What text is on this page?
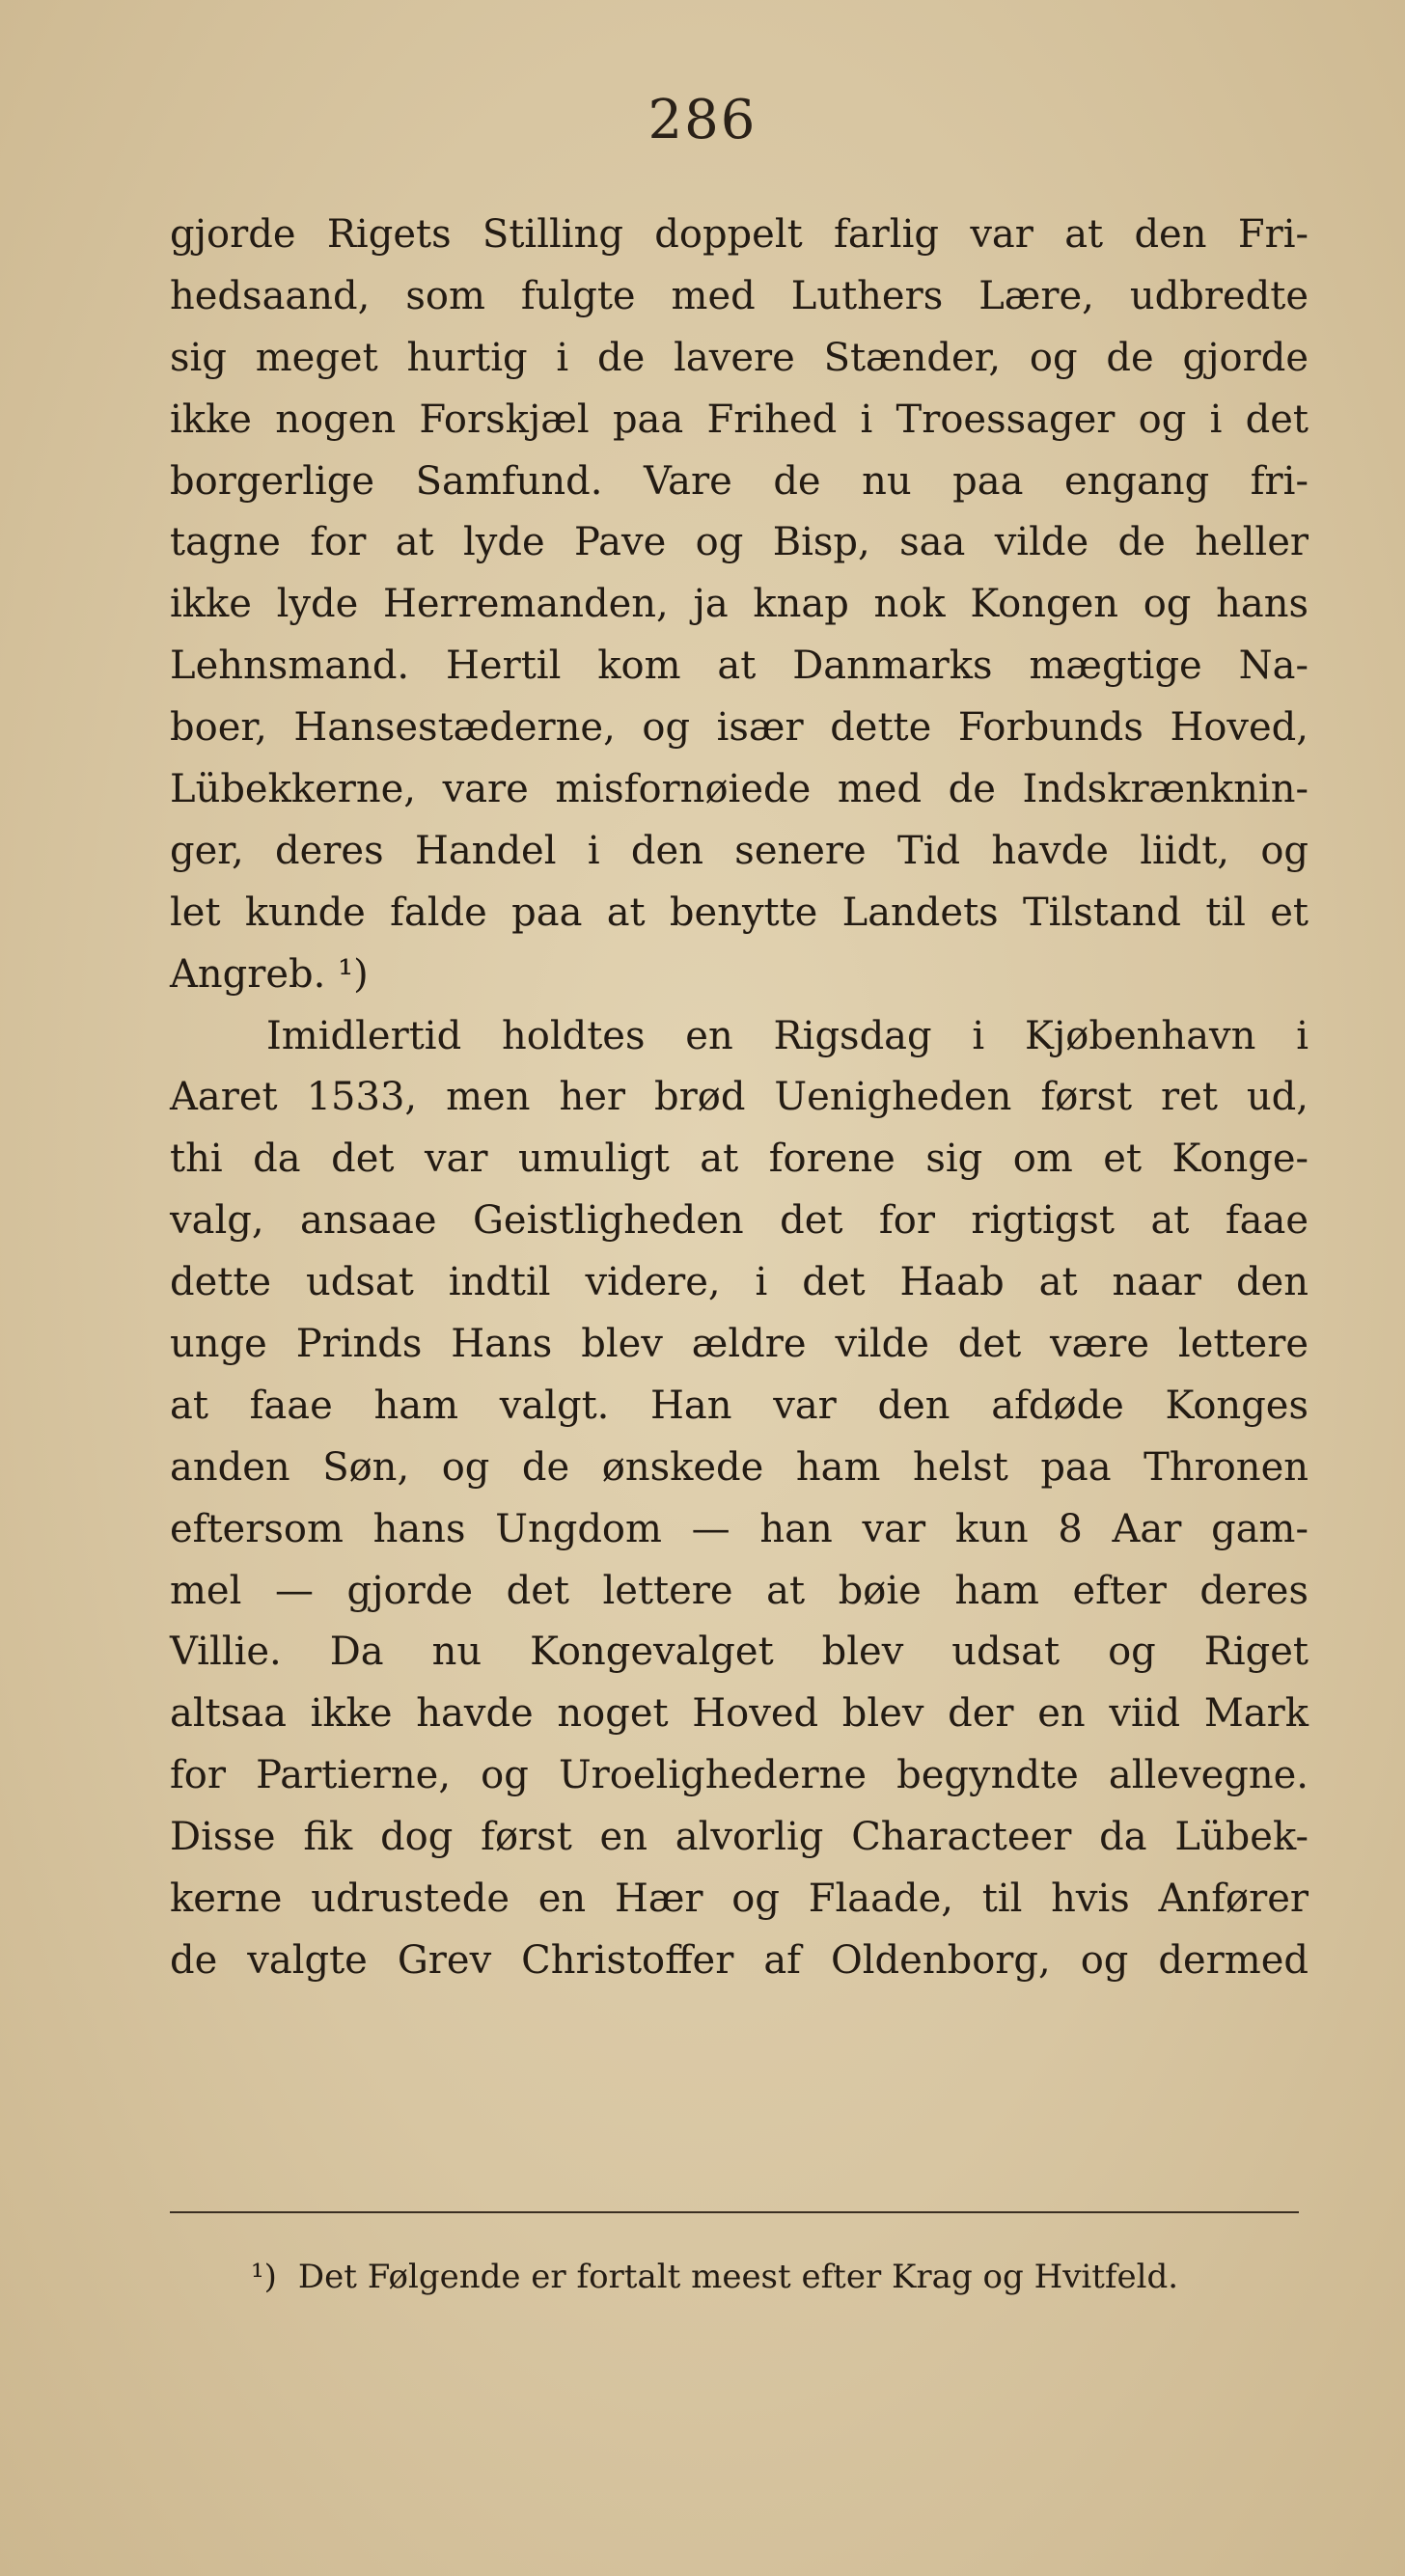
286
gjorde Rigets Stilling doppelt farlig var at den Fri-
hedsaand, som fulgte med Luthers Lære, udbredte
sig meget hurtig i de lavere Stænder, og de gjorde
ikke nogen Forskjæl paa Frihed i Troessager og i det
borgerlige Samfund. Vare de nu paa engang fri-
tagne for at lyde Pave og Bisp, saa vilde de heller
ikke lyde Herremanden, ja knap nok Kongen og hans
Lehnsmand. Hertil kom at Danmarks mægtige Na-
boer, Hansestæderne, og især dette Forbunds Hoved,
Lübekkerne, vare misfornøiede med de Indskrænknin-
ger, deres Handel i den senere Tid havde liidt, og
let kunde falde paa at benytte Landets Tilstand til et
Angreb. ¹)
Imidlertid holdtes en Rigsdag i Kjøbenhavn i
Aaret 1533, men her brød Uenigheden først ret ud,
thi da det var umuligt at forene sig om et Konge-
valg, ansaae Geistligheden det for rigtigst at faae
dette udsat indtil videre, i det Haab at naar den
unge Prinds Hans blev ældre vilde det være lettere
at faae ham valgt. Han var den afdøde Konges
anden Søn, og de ønskede ham helst paa Thronen
eftersom hans Ungdom — han var kun 8 Aar gam-
mel — gjorde det lettere at bøie ham efter deres
Villie. Da nu Kongevalget blev udsat og Riget
altsaa ikke havde noget Hoved blev der en viid Mark
for Partierne, og Uroelighederne begyndte allevegne.
Disse fik dog først en alvorlig Characteer da Lübek-
kerne udrustede en Hær og Flaade, til hvis Anfører
de valgte Grev Christoffer af Oldenborg, og dermed
¹) Det Følgende er fortalt meest efter Krag og Hvitfeld.
